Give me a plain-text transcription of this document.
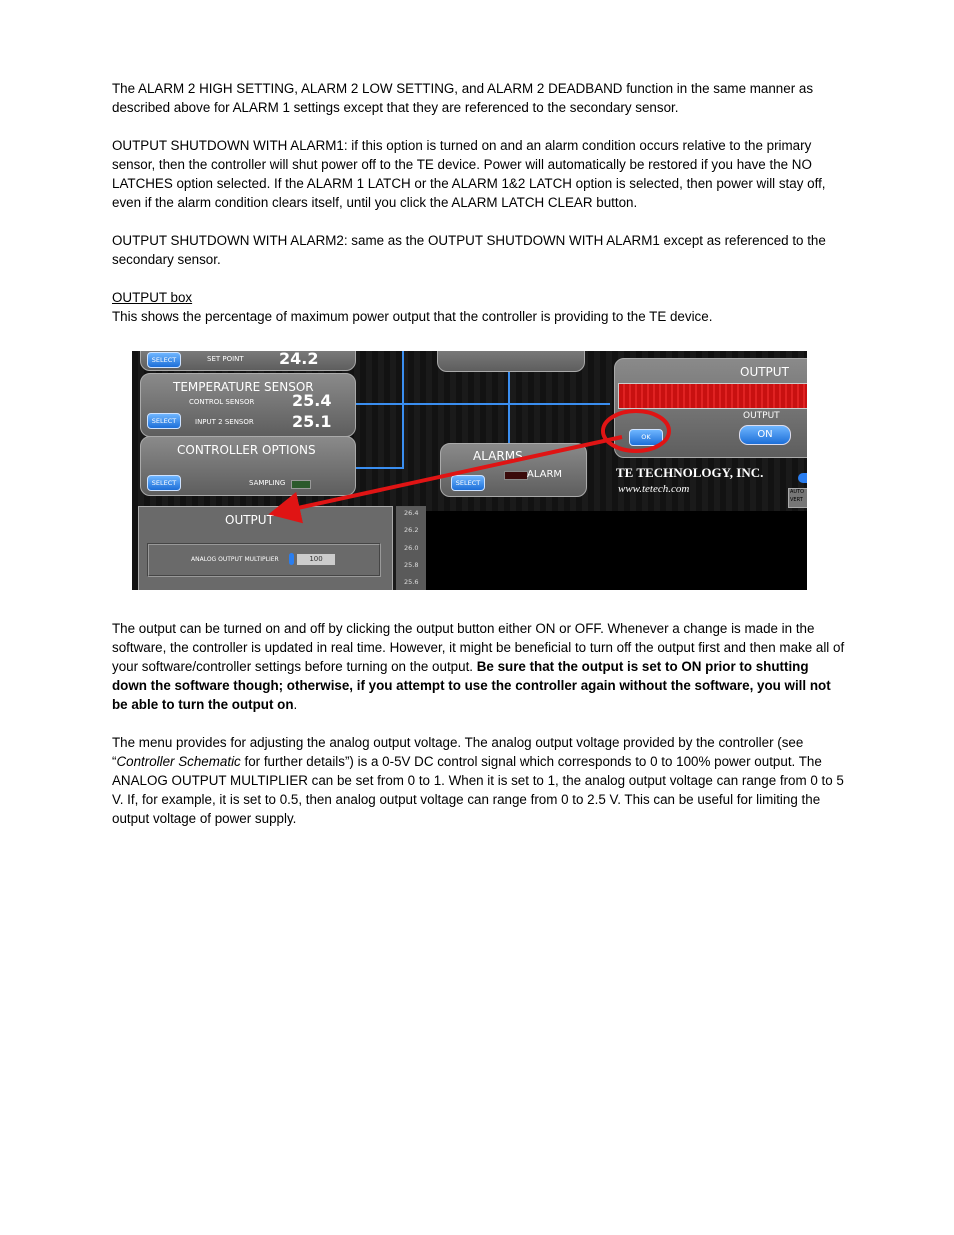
The ALARM 2 HIGH SETTING, ALARM 2 LOW SETTING, and ALARM 2 DEADBAND function in the same manner as described above for ALARM 1 settings except that they are referenced to the secondary sensor.

OUTPUT SHUTDOWN WITH ALARM1: if this option is turned on and an alarm condition occurs relative to the primary sensor, then the controller will shut power off to the TE device. Power will automatically be restored if you have the NO LATCHES option selected. If the ALARM 1 LATCH or the ALARM 1&2 LATCH option is selected, then power will stay off, even if the alarm condition clears itself, until you click the ALARM LATCH CLEAR button.

OUTPUT SHUTDOWN WITH ALARM2: same as the OUTPUT SHUTDOWN WITH ALARM1 except as referenced to the secondary sensor.

OUTPUT box

This shows the percentage of maximum power output that the controller is providing to the TE device.

SELECT	SET POINT 24.2
TEMPERATURE SENSOR
CONTROL SENSOR 25.4
SELECT	INPUT 2 SENSOR 25.1
CONTROLLER OPTIONS
SELECT	SAMPLING
ALARMS
SELECT
ALARM
OUTPUT
OK
OUTPUT
ON
TE TECHNOLOGY, INC.
www.tetech.com	AUTO
VERT
OUTPUT
ANALOG OUTPUT MULTIPLIER	100
26.4
26.2
26.0
25.8
25.6

The output can be turned on and off by clicking the output button either ON or OFF. Whenever a change is made in the software, the controller is updated in real time. However, it might be beneficial to turn off the output first and then make all of your software/controller settings before turning on the output. Be sure that the output is set to ON prior to shutting down the software though; otherwise, if you attempt to use the controller again without the software, you will not be able to turn the output on.

The menu provides for adjusting the analog output voltage. The analog output voltage provided by the controller (see “Controller Schematic for further details”) is a 0-5V DC control signal which corresponds to 0 to 100% power output. The ANALOG OUTPUT MULTIPLIER can be set from 0 to 1. When it is set to 1, the analog output voltage can range from 0 to 5 V. If, for example, it is set to 0.5, then analog output voltage can range from 0 to 2.5 V. This can be useful for limiting the output voltage of power supply.
